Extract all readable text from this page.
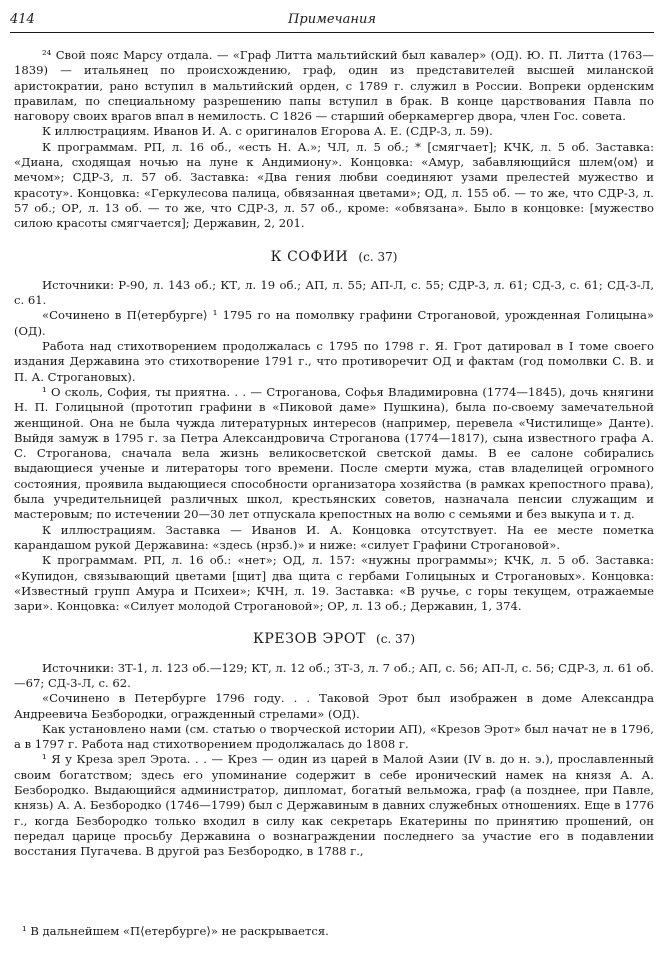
414	Примечания

²⁴ Свой пояс Марсу отдала. — «Граф Литта мальтийский был кавалер» (ОД). Ю. П. Литта (1763—1839) — итальянец по происхождению, граф, один из представителей высшей миланской аристократии, рано вступил в мальтийский орден, с 1789 г. служил в России. Вопреки орденским правилам, по специальному разрешению папы вступил в брак. В конце царствования Павла по наговору своих врагов впал в немилость. С 1826 — старший оберкамергер двора, член Гос. совета.

К иллюстрациям. Иванов И. А. с оригиналов Егорова А. Е. (СДР-3, л. 59).

К программам. РП, л. 16 об., «есть Н. А.»; ЧЛ, л. 5 об.; * [смягчает]; КЧК, л. 5 об. Заставка: «Диана, сходящая ночью на луне к Андимиону». Концовка: «Амур, забавляющийся шлем⟨ом⟩ и мечом»; СДР-3, л. 57 об. Заставка: «Два гения любви соединяют узами прелестей мужество и красоту». Концовка: «Геркулесова палица, обвязанная цветами»; ОД, л. 155 об. — то же, что СДР-3, л. 57 об.; ОР, л. 13 об. — то же, что СДР-3, л. 57 об., кроме: «обвязана». Было в концовке: [мужество силою красоты смягчается]; Державин, 2, 201.

К СОФИИ (с. 37)

Источники: Р-90, л. 143 об.; КТ, л. 19 об.; АП, л. 55; АП-Л, с. 55; СДР-3, л. 61; СД-3, с. 61; СД-3-Л, с. 61.

«Сочинено в П⟨етербурге⟩ ¹ 1795 го на помолвку графини Строгановой, урожденная Голицына» (ОД).

Работа над стихотворением продолжалась с 1795 по 1798 г. Я. Грот датировал в I томе своего издания Державина это стихотворение 1791 г., что противоречит ОД и фактам (год помолвки С. В. и П. А. Строгановых).

¹ О сколь, София, ты приятна. . . — Строганова, Софья Владимировна (1774—1845), дочь княгини Н. П. Голицыной (прототип графини в «Пиковой даме» Пушкина), была по-своему замечательной женщиной. Она не была чужда литературных интересов (например, перевела «Чистилище» Данте). Выйдя замуж в 1795 г. за Петра Александровича Строганова (1774—1817), сына известного графа А. С. Строганова, сначала вела жизнь великосветской светской дамы. В ее салоне собирались выдающиеся ученые и литераторы того времени. После смерти мужа, став владелицей огромного состояния, проявила выдающиеся способности организатора хозяйства (в рамках крепостного права), была учредительницей различных школ, крестьянских советов, назначала пенсии служащим и мастеровым; по истечении 20—30 лет отпускала крепостных на волю с семьями и без выкупа и т. д.

К иллюстрациям. Заставка — Иванов И. А. Концовка отсутствует. На ее месте пометка карандашом рукой Державина: «здесь (нрзб.)» и ниже: «силует Графини Строгановой».

К программам. РП, л. 16 об.: «нет»; ОД, л. 157: «нужны программы»; КЧК, л. 5 об. Заставка: «Купидон, связывающий цветами [щит] два щита с гербами Голицыных и Строгановых». Концовка: «Известный групп Амура и Психеи»; КЧН, л. 19. Заставка: «В ручье, с горы текущем, отражаемые зари». Концовка: «Силует молодой Строгановой»; ОР, л. 13 об.; Державин, 1, 374.

КРЕЗОВ ЭРОТ (с. 37)

Источники: ЗТ-1, л. 123 об.—129; КТ, л. 12 об.; ЗТ-3, л. 7 об.; АП, с. 56; АП-Л, с. 56; СДР-3, л. 61 об.—67; СД-3-Л, с. 62.

«Сочинено в Петербурге 1796 году. . . Таковой Эрот был изображен в доме Александра Андреевича Безбородки, огражденный стрелами» (ОД).

Как установлено нами (см. статью о творческой истории АП), «Крезов Эрот» был начат не в 1796, а в 1797 г. Работа над стихотворением продолжалась до 1808 г.

¹ Я у Креза зрел Эрота. . . — Крез — один из царей в Малой Азии (IV в. до н. э.), прославленный своим богатством; здесь его упоминание содержит в себе иронический намек на князя А. А. Безбородко. Выдающийся администратор, дипломат, богатый вельможа, граф (а позднее, при Павле, князь) А. А. Безбородко (1746—1799) был с Державиным в давних служебных отношениях. Еще в 1776 г., когда Безбородко только входил в силу как секретарь Екатерины по принятию прошений, он передал царице просьбу Державина о вознаграждении последнего за участие его в подавлении восстания Пугачева. В другой раз Безбородко, в 1788 г.,

¹ В дальнейшем «П⟨етербурге⟩» не раскрывается.
